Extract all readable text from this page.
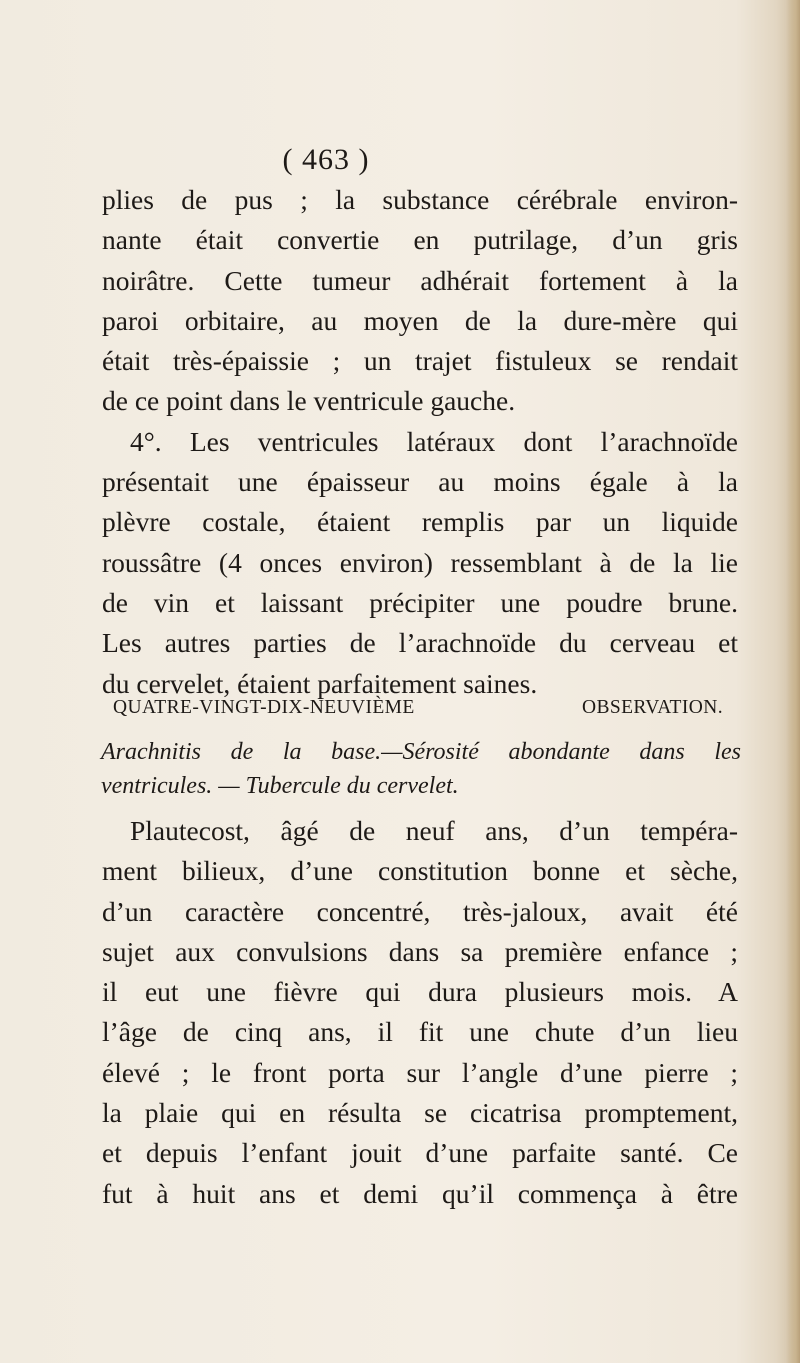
( 463 )
plies de pus ; la substance cérébrale environ-
nante était convertie en putrilage, d’un gris
noirâtre. Cette tumeur adhérait fortement à la
paroi orbitaire, au moyen de la dure-mère qui
était très-épaissie ; un trajet fistuleux se rendait
de ce point dans le ventricule gauche.
4°. Les ventricules latéraux dont l’arachnoïde
présentait une épaisseur au moins égale à la
plèvre costale, étaient remplis par un liquide
roussâtre (4 onces environ) ressemblant à de la lie
de vin et laissant précipiter une poudre brune.
Les autres parties de l’arachnoïde du cerveau et
du cervelet, étaient parfaitement saines.
QUATRE-VINGT-DIX-NEUVIÈME OBSERVATION.
Arachnitis de la base.—Sérosité abondante dans les
ventricules. — Tubercule du cervelet.
Plautecost, âgé de neuf ans, d’un tempéra-
ment bilieux, d’une constitution bonne et sèche,
d’un caractère concentré, très-jaloux, avait été
sujet aux convulsions dans sa première enfance ;
il eut une fièvre qui dura plusieurs mois. A
l’âge de cinq ans, il fit une chute d’un lieu
élevé ; le front porta sur l’angle d’une pierre ;
la plaie qui en résulta se cicatrisa promptement,
et depuis l’enfant jouit d’une parfaite santé. Ce
fut à huit ans et demi qu’il commença à être
